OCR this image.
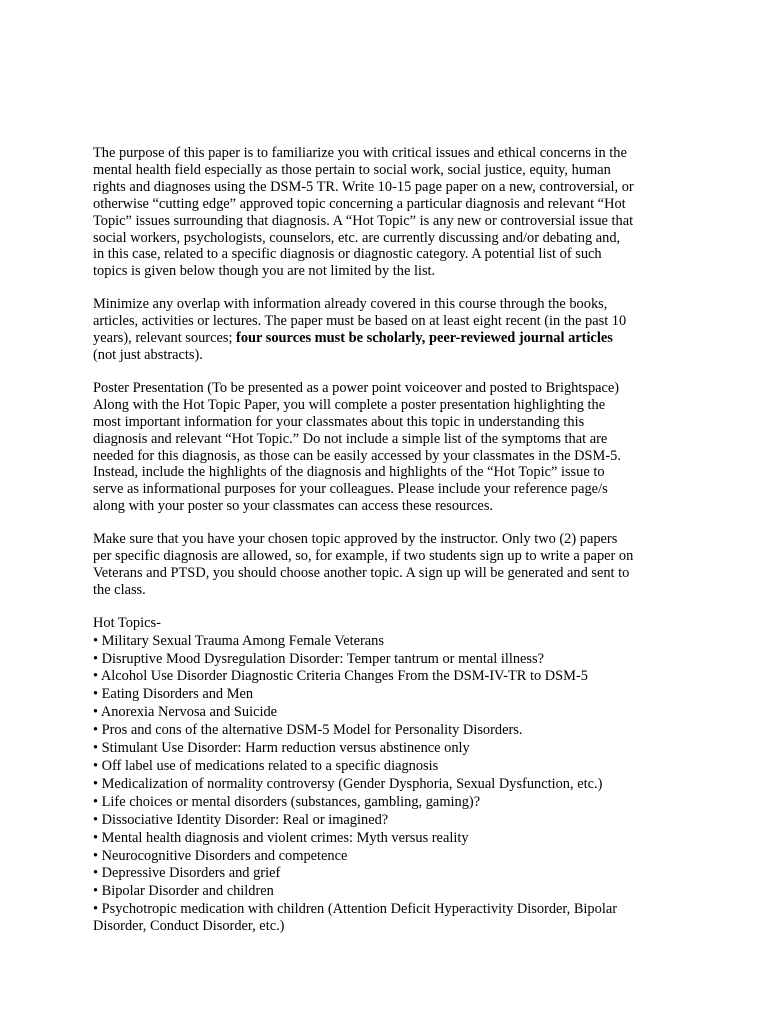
The purpose of this paper is to familiarize you with critical issues and ethical concerns in the
mental health field especially as those pertain to social work, social justice, equity, human
rights and diagnoses using the DSM-5 TR. Write 10-15 page paper on a new, controversial, or
otherwise “cutting edge” approved topic concerning a particular diagnosis and relevant “Hot
Topic” issues surrounding that diagnosis. A “Hot Topic” is any new or controversial issue that
social workers, psychologists, counselors, etc. are currently discussing and/or debating and,
in this case, related to a specific diagnosis or diagnostic category. A potential list of such
topics is given below though you are not limited by the list.

Minimize any overlap with information already covered in this course through the books,
articles, activities or lectures. The paper must be based on at least eight recent (in the past 10
years), relevant sources; four sources must be scholarly, peer-reviewed journal articles
(not just abstracts).

Poster Presentation (To be presented as a power point voiceover and posted to Brightspace)
Along with the Hot Topic Paper, you will complete a poster presentation highlighting the
most important information for your classmates about this topic in understanding this
diagnosis and relevant “Hot Topic.” Do not include a simple list of the symptoms that are
needed for this diagnosis, as those can be easily accessed by your classmates in the DSM-5.
Instead, include the highlights of the diagnosis and highlights of the “Hot Topic” issue to
serve as informational purposes for your colleagues. Please include your reference page/s
along with your poster so your classmates can access these resources.

Make sure that you have your chosen topic approved by the instructor. Only two (2) papers
per specific diagnosis are allowed, so, for example, if two students sign up to write a paper on
Veterans and PTSD, you should choose another topic. A sign up will be generated and sent to
the class.

Hot Topics-
• Military Sexual Trauma Among Female Veterans
• Disruptive Mood Dysregulation Disorder: Temper tantrum or mental illness?
• Alcohol Use Disorder Diagnostic Criteria Changes From the DSM-IV-TR to DSM-5
• Eating Disorders and Men
• Anorexia Nervosa and Suicide
• Pros and cons of the alternative DSM-5 Model for Personality Disorders.
• Stimulant Use Disorder: Harm reduction versus abstinence only
• Off label use of medications related to a specific diagnosis
• Medicalization of normality controversy (Gender Dysphoria, Sexual Dysfunction, etc.)
• Life choices or mental disorders (substances, gambling, gaming)?
• Dissociative Identity Disorder: Real or imagined?
• Mental health diagnosis and violent crimes: Myth versus reality
• Neurocognitive Disorders and competence
• Depressive Disorders and grief
• Bipolar Disorder and children
• Psychotropic medication with children (Attention Deficit Hyperactivity Disorder, Bipolar
Disorder, Conduct Disorder, etc.)
